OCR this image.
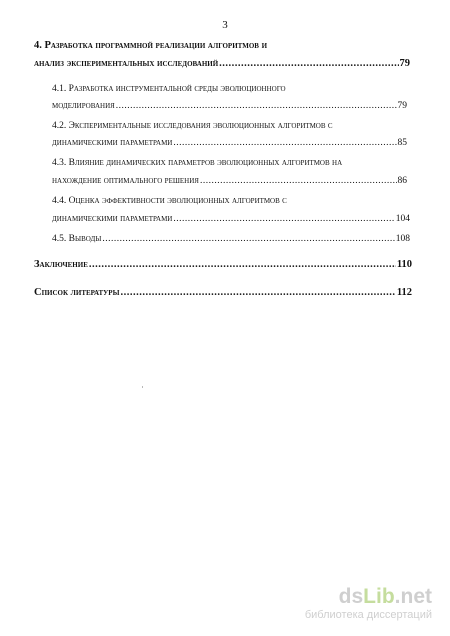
3
4. Разработка программной реализации алгоритмов и
анализ экспериментальных исследований .....	79
4.1. Разработка инструментальной среды эволюционного
моделирования .....	79
4.2. Экспериментальные исследования эволюционных алгоритмов с
динамическими параметрами .....	85
4.3. Влияние динамических параметров эволюционных алгоритмов на
нахождение оптимального решения .....	86
4.4. Оценка эффективности эволюционных алгоритмов с
динамическими параметрами .....	104
4.5. Выводы .....	108
Заключение .....	110
Список литературы .....	112
dsLib.net
библиотека диссертаций
